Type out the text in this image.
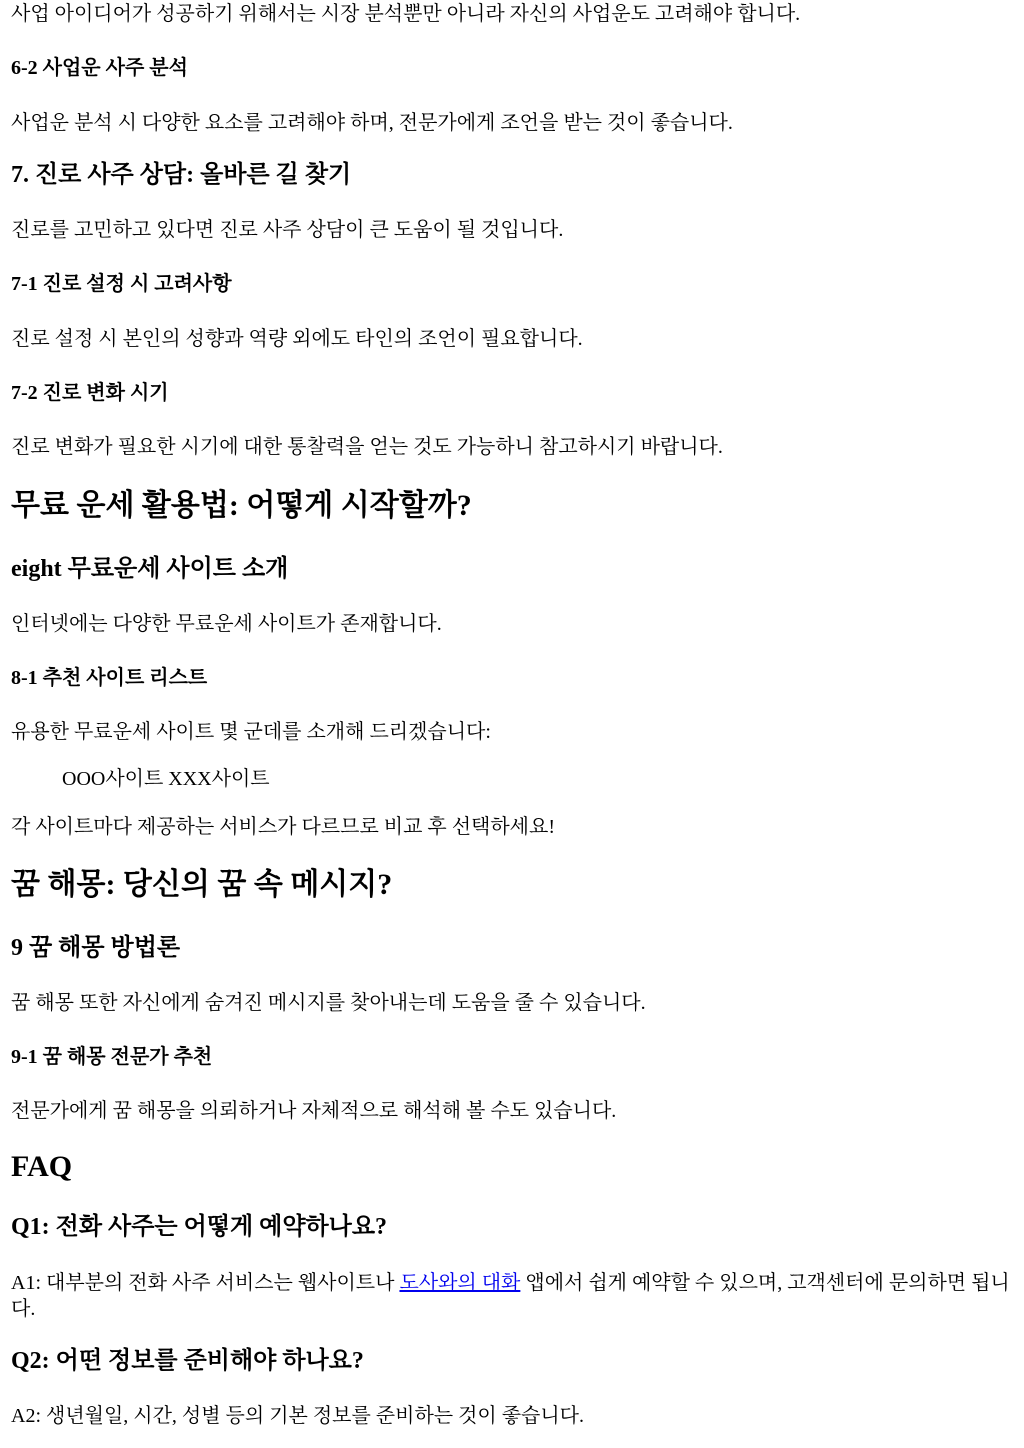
사업 아이디어가 성공하기 위해서는 시장 분석뿐만 아니라 자신의 사업운도 고려해야 합니다.

6-2 사업운 사주 분석

사업운 분석 시 다양한 요소를 고려해야 하며, 전문가에게 조언을 받는 것이 좋습니다.

7. 진로 사주 상담: 올바른 길 찾기

진로를 고민하고 있다면 진로 사주 상담이 큰 도움이 될 것입니다.

7-1 진로 설정 시 고려사항

진로 설정 시 본인의 성향과 역량 외에도 타인의 조언이 필요합니다.

7-2 진로 변화 시기

진로 변화가 필요한 시기에 대한 통찰력을 얻는 것도 가능하니 참고하시기 바랍니다.

무료 운세 활용법: 어떻게 시작할까?
eight 무료운세 사이트 소개

인터넷에는 다양한 무료운세 사이트가 존재합니다.

8-1 추천 사이트 리스트

유용한 무료운세 사이트 몇 군데를 소개해 드리겠습니다:

OOO사이트 XXX사이트

각 사이트마다 제공하는 서비스가 다르므로 비교 후 선택하세요!

꿈 해몽: 당신의 꿈 속 메시지?
9 꿈 해몽 방법론

꿈 해몽 또한 자신에게 숨겨진 메시지를 찾아내는데 도움을 줄 수 있습니다.

9-1 꿈 해몽 전문가 추천

전문가에게 꿈 해몽을 의뢰하거나 자체적으로 해석해 볼 수도 있습니다.

FAQ
Q1: 전화 사주는 어떻게 예약하나요?

A1: 대부분의 전화 사주 서비스는 웹사이트나 도사와의 대화 앱에서 쉽게 예약할 수 있으며, 고객센터에 문의하면 됩니다.

Q2: 어떤 정보를 준비해야 하나요?

A2: 생년월일, 시간, 성별 등의 기본 정보를 준비하는 것이 좋습니다.
